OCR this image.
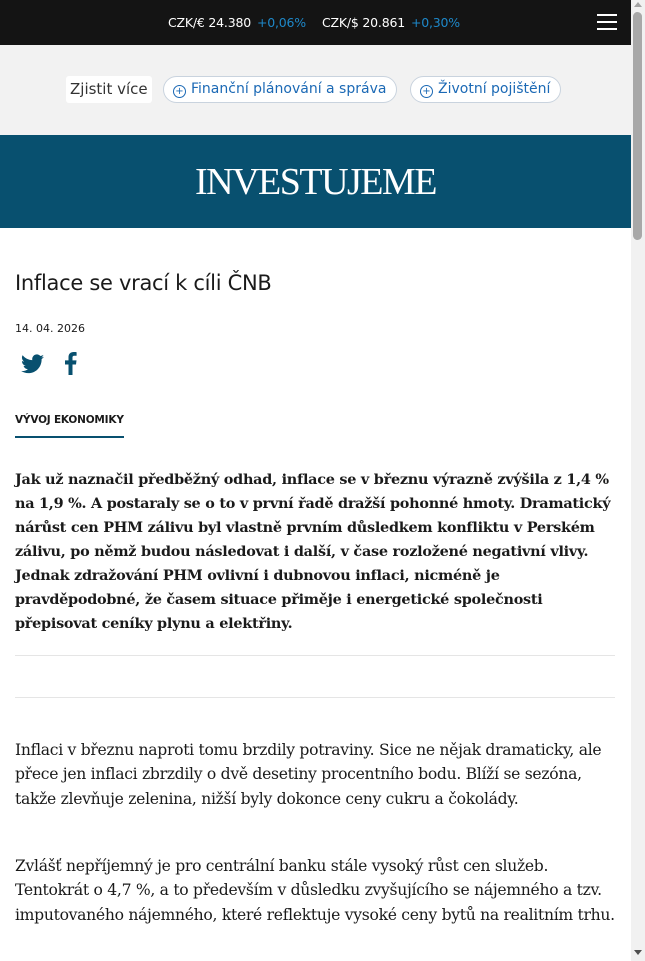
CZK/€ 24.380 +0,06% CZK/$ 20.861 +0,30%
Zjistit více	+ Finanční plánování a správa	+ Životní pojištění
INVESTUJEME
Inflace se vrací k cíli ČNB
14. 04. 2026
VÝVOJ EKONOMIKY

Jak už naznačil předběžný odhad, inflace se v březnu výrazně zvýšila z 1,4 % na 1,9 %. A postaraly se o to v první řadě dražší pohonné hmoty. Dramatický nárůst cen PHM zálivu byl vlastně prvním důsledkem konfliktu v Perském zálivu, po němž budou následovat i další, v čase rozložené negativní vlivy. Jednak zdražování PHM ovlivní i dubnovou inflaci, nicméně je pravděpodobné, že časem situace přiměje i energetické společnosti přepisovat ceníky plynu a elektřiny.

Inflaci v březnu naproti tomu brzdily potraviny. Sice ne nějak dramaticky, ale přece jen inflaci zbrzdily o dvě desetiny procentního bodu. Blíží se sezóna, takže zlevňuje zelenina, nižší byly dokonce ceny cukru a čokolády.

Zvlášť nepříjemný je pro centrální banku stále vysoký růst cen služeb. Tentokrát o 4,7 %, a to především v důsledku zvyšujícího se nájemného a tzv. imputovaného nájemného, které reflektuje vysoké ceny bytů na realitním trhu.
